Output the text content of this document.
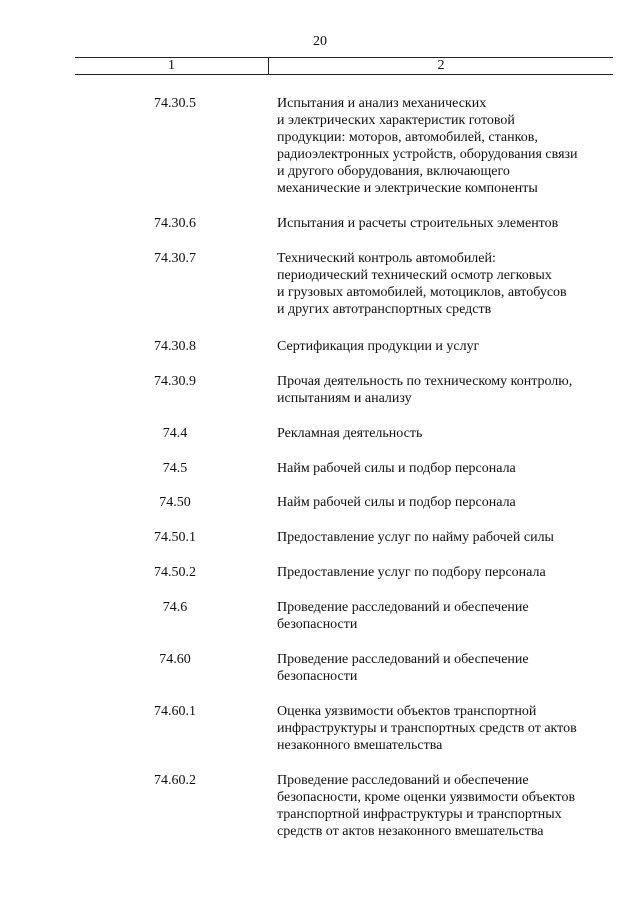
20
1	2
74.30.5	Испытания и анализ механических
и электрических характеристик готовой
продукции: моторов, автомобилей, станков,
радиоэлектронных устройств, оборудования связи
и другого оборудования, включающего
механические и электрические компоненты
74.30.6	Испытания и расчеты строительных элементов
74.30.7	Технический контроль автомобилей:
периодический технический осмотр легковых
и грузовых автомобилей, мотоциклов, автобусов
и других автотранспортных средств
74.30.8	Сертификация продукции и услуг
74.30.9	Прочая деятельность по техническому контролю,
испытаниям и анализу
74.4	Рекламная деятельность
74.5	Найм рабочей силы и подбор персонала
74.50	Найм рабочей силы и подбор персонала
74.50.1	Предоставление услуг по найму рабочей силы
74.50.2	Предоставление услуг по подбору персонала
74.6	Проведение расследований и обеспечение
безопасности
74.60	Проведение расследований и обеспечение
безопасности
74.60.1	Оценка уязвимости объектов транспортной
инфраструктуры и транспортных средств от актов
незаконного вмешательства
74.60.2	Проведение расследований и обеспечение
безопасности, кроме оценки уязвимости объектов
транспортной инфраструктуры и транспортных
средств от актов незаконного вмешательства
